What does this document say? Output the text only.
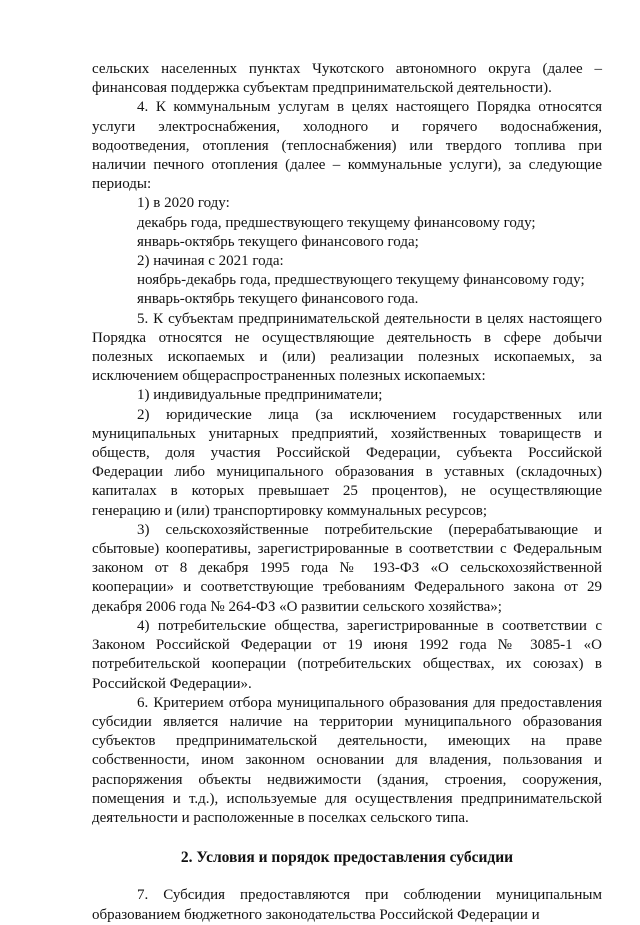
сельских населенных пунктах Чукотского автономного округа (далее – финансовая поддержка субъектам предпринимательской деятельности).

4. К коммунальным услугам в целях настоящего Порядка относятся услуги электроснабжения, холодного и горячего водоснабжения, водоотведения, отопления (теплоснабжения) или твердого топлива при наличии печного отопления (далее – коммунальные услуги), за следующие периоды:

1) в 2020 году:

декабрь года, предшествующего текущему финансовому году;

январь-октябрь текущего финансового года;

2) начиная с 2021 года:

ноябрь-декабрь года, предшествующего текущему финансовому году;

январь-октябрь текущего финансового года.

5. К субъектам предпринимательской деятельности в целях настоящего Порядка относятся не осуществляющие деятельность в сфере добычи полезных ископаемых и (или) реализации полезных ископаемых, за исключением общераспространенных полезных ископаемых:

1) индивидуальные предприниматели;

2) юридические лица (за исключением государственных или муниципальных унитарных предприятий, хозяйственных товариществ и обществ, доля участия Российской Федерации, субъекта Российской Федерации либо муниципального образования в уставных (складочных) капиталах в которых превышает 25 процентов), не осуществляющие генерацию и (или) транспортировку коммунальных ресурсов;

3) сельскохозяйственные потребительские (перерабатывающие и сбытовые) кооперативы, зарегистрированные в соответствии с Федеральным законом от 8 декабря 1995 года № 193-ФЗ «О сельскохозяйственной кооперации» и соответствующие требованиям Федерального закона от 29 декабря 2006 года № 264-ФЗ «О развитии сельского хозяйства»;

4) потребительские общества, зарегистрированные в соответствии с Законом Российской Федерации от 19 июня 1992 года № 3085-1 «О потребительской кооперации (потребительских обществах, их союзах) в Российской Федерации».

6. Критерием отбора муниципального образования для предоставления субсидии является наличие на территории муниципального образования субъектов предпринимательской деятельности, имеющих на праве собственности, ином законном основании для владения, пользования и распоряжения объекты недвижимости (здания, строения, сооружения, помещения и т.д.), используемые для осуществления предпринимательской деятельности и расположенные в поселках сельского типа.

2. Условия и порядок предоставления субсидии

7. Субсидия предоставляются при соблюдении муниципальным образованием бюджетного законодательства Российской Федерации и
